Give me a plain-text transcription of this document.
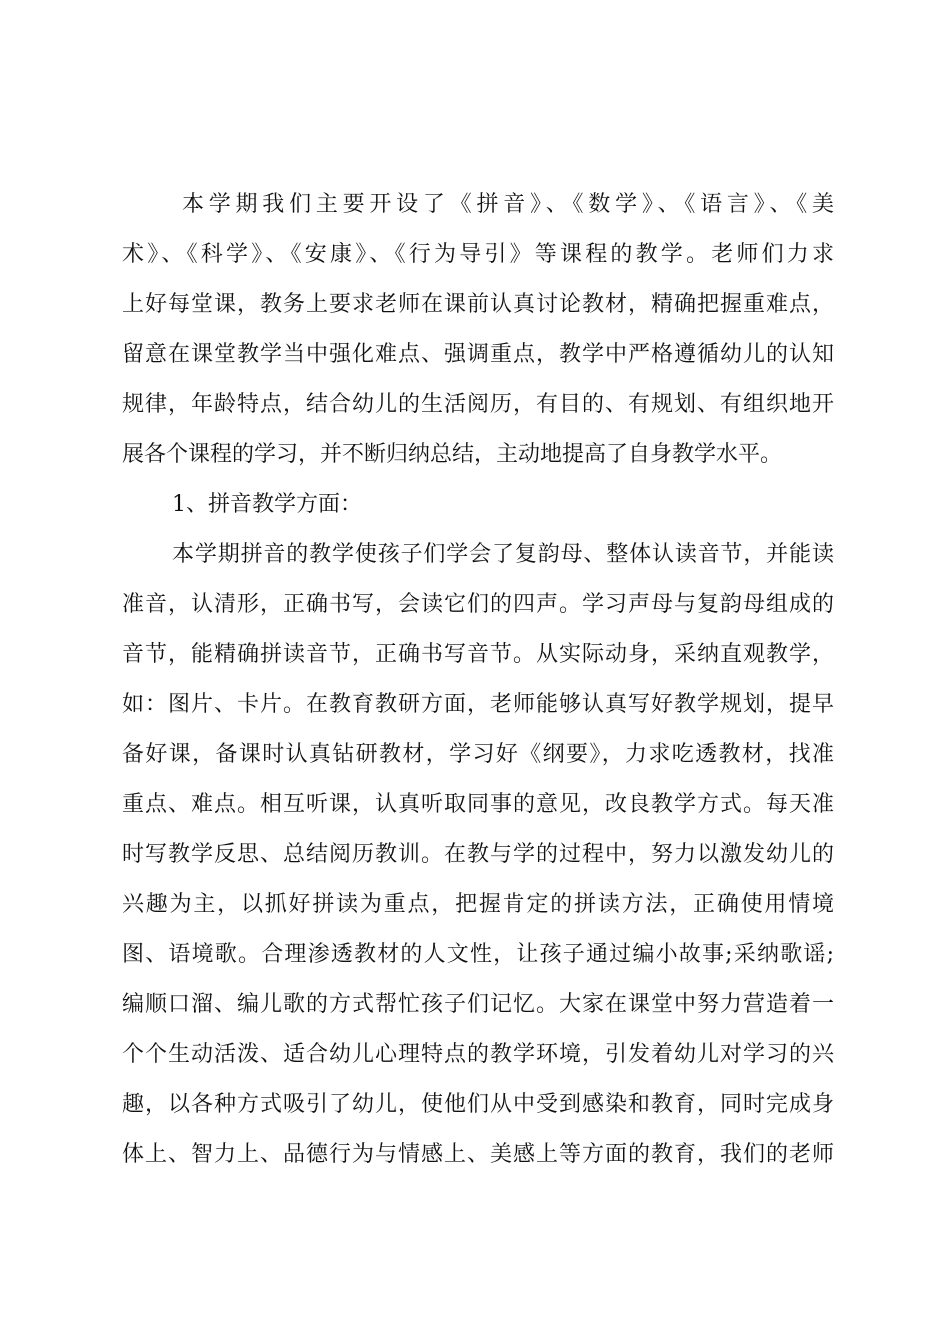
本学期我们主要开设了《拼音》、《数学》、《语言》、《美
术》、《科学》、《安康》、《行为导引》等课程的教学。老师们力求
上好每堂课，教务上要求老师在课前认真讨论教材，精确把握重难点，
留意在课堂教学当中强化难点、强调重点，教学中严格遵循幼儿的认知
规律，年龄特点，结合幼儿的生活阅历，有目的、有规划、有组织地开
展各个课程的学习，并不断归纳总结，主动地提高了自身教学水平。
1、拼音教学方面：
本学期拼音的教学使孩子们学会了复韵母、整体认读音节，并能读
准音，认清形，正确书写，会读它们的四声。学习声母与复韵母组成的
音节，能精确拼读音节，正确书写音节。从实际动身，采纳直观教学，
如：图片、卡片。在教育教研方面，老师能够认真写好教学规划，提早
备好课，备课时认真钻研教材，学习好《纲要》，力求吃透教材，找准
重点、难点。相互听课，认真听取同事的意见，改良教学方式。每天准
时写教学反思、总结阅历教训。在教与学的过程中，努力以激发幼儿的
兴趣为主，以抓好拼读为重点，把握肯定的拼读方法，正确使用情境
图、语境歌。合理渗透教材的人文性，让孩子通过编小故事;采纳歌谣;
编顺口溜、编儿歌的方式帮忙孩子们记忆。大家在课堂中努力营造着一
个个生动活泼、适合幼儿心理特点的教学环境，引发着幼儿对学习的兴
趣，以各种方式吸引了幼儿，使他们从中受到感染和教育，同时完成身
体上、智力上、品德行为与情感上、美感上等方面的教育，我们的老师
